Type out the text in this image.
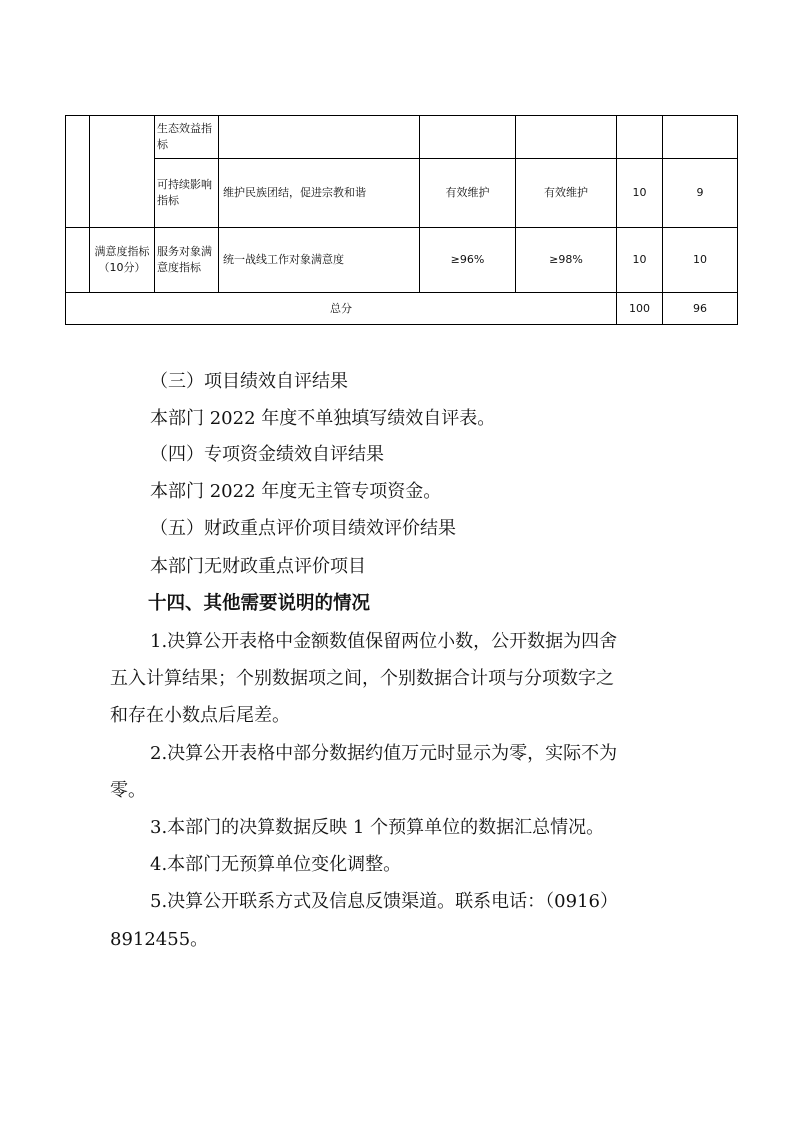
		生态效益指标					
		可持续影响指标	维护民族团结，促进宗教和谐	有效维护	有效维护	10	9
	满意度指标（10分）	服务对象满意度指标	统一战线工作对象满意度	≥96%	≥98%	10	10
总分						100	96

（三）项目绩效自评结果

本部门 2022 年度不单独填写绩效自评表。

（四）专项资金绩效自评结果

本部门 2022 年度无主管专项资金。

（五）财政重点评价项目绩效评价结果

本部门无财政重点评价项目

十四、其他需要说明的情况

1.决算公开表格中金额数值保留两位小数，公开数据为四舍

五入计算结果；个别数据项之间，个别数据合计项与分项数字之

和存在小数点后尾差。

2.决算公开表格中部分数据约值万元时显示为零，实际不为

零。

3.本部门的决算数据反映 1 个预算单位的数据汇总情况。

4.本部门无预算单位变化调整。

5.决算公开联系方式及信息反馈渠道。联系电话：（0916）

8912455。
